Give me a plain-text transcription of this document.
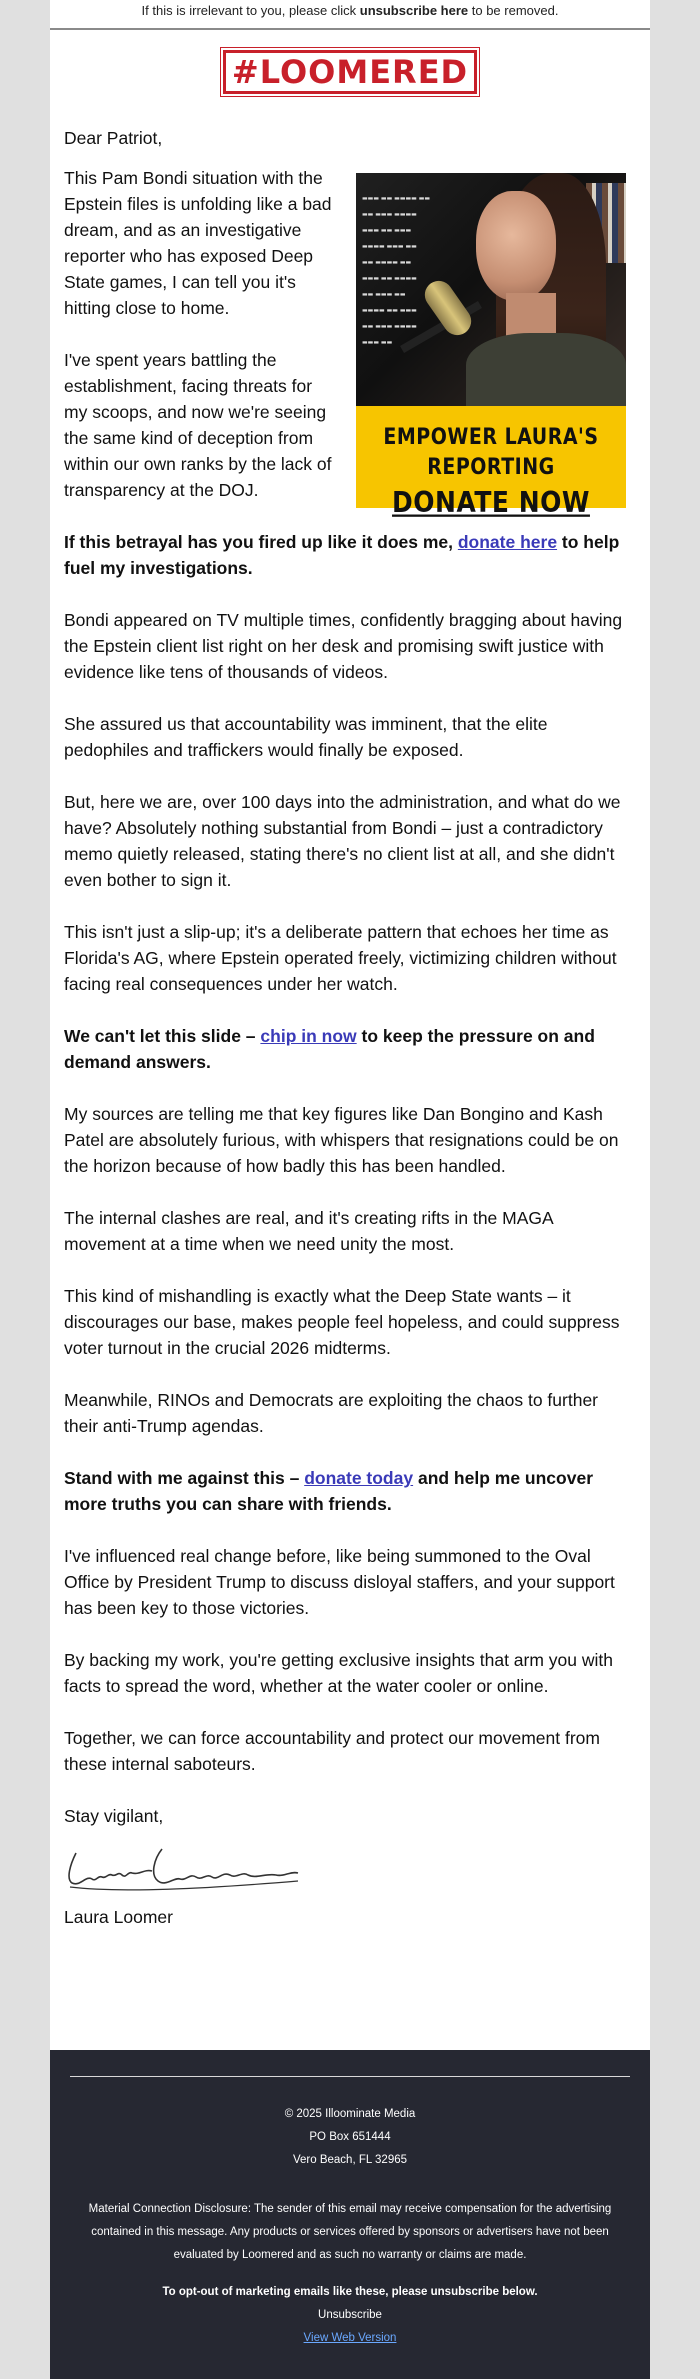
If this is irrelevant to you, please click unsubscribe here to be removed.
#LOOMERED

Dear Patriot,

▬▬▬ ▬▬ ▬▬▬▬ ▬▬
▬▬ ▬▬▬ ▬▬▬▬
▬▬▬ ▬▬ ▬▬▬
▬▬▬▬ ▬▬▬ ▬▬
▬▬ ▬▬▬▬ ▬▬
▬▬▬ ▬▬ ▬▬▬▬
▬▬ ▬▬▬ ▬▬
▬▬▬▬ ▬▬ ▬▬▬
▬▬ ▬▬▬ ▬▬▬▬
▬▬▬ ▬▬
EMPOWER LAURA'S REPORTING
DONATE NOW

This Pam Bondi situation with the Epstein files is unfolding like a bad dream, and as an investigative reporter who has exposed Deep State games, I can tell you it's hitting close to home.

I've spent years battling the establishment, facing threats for my scoops, and now we're seeing the same kind of deception from within our own ranks by the lack of transparency at the DOJ.

If this betrayal has you fired up like it does me, donate here to help fuel my investigations.

Bondi appeared on TV multiple times, confidently bragging about having the Epstein client list right on her desk and promising swift justice with evidence like tens of thousands of videos.

She assured us that accountability was imminent, that the elite pedophiles and traffickers would finally be exposed.

But, here we are, over 100 days into the administration, and what do we have? Absolutely nothing substantial from Bondi – just a contradictory memo quietly released, stating there's no client list at all, and she didn't even bother to sign it.

This isn't just a slip-up; it's a deliberate pattern that echoes her time as Florida's AG, where Epstein operated freely, victimizing children without facing real consequences under her watch.

We can't let this slide – chip in now to keep the pressure on and demand answers.

My sources are telling me that key figures like Dan Bongino and Kash Patel are absolutely furious, with whispers that resignations could be on the horizon because of how badly this has been handled.

The internal clashes are real, and it's creating rifts in the MAGA movement at a time when we need unity the most.

This kind of mishandling is exactly what the Deep State wants – it discourages our base, makes people feel hopeless, and could suppress voter turnout in the crucial 2026 midterms.

Meanwhile, RINOs and Democrats are exploiting the chaos to further their anti-Trump agendas.

Stand with me against this – donate today and help me uncover more truths you can share with friends.

I've influenced real change before, like being summoned to the Oval Office by President Trump to discuss disloyal staffers, and your support has been key to those victories.

By backing my work, you're getting exclusive insights that arm you with facts to spread the word, whether at the water cooler or online.

Together, we can force accountability and protect our movement from these internal saboteurs.

Stay vigilant,
Laura Loomer
© 2025 Illoominate Media
PO Box 651444
Vero Beach, FL 32965
Material Connection Disclosure: The sender of this email may receive compensation for the advertising contained in this message. Any products or services offered by sponsors or advertisers have not been evaluated by Loomered and as such no warranty or claims are made.
To opt-out of marketing emails like these, please unsubscribe below.
Unsubscribe
View Web Version
